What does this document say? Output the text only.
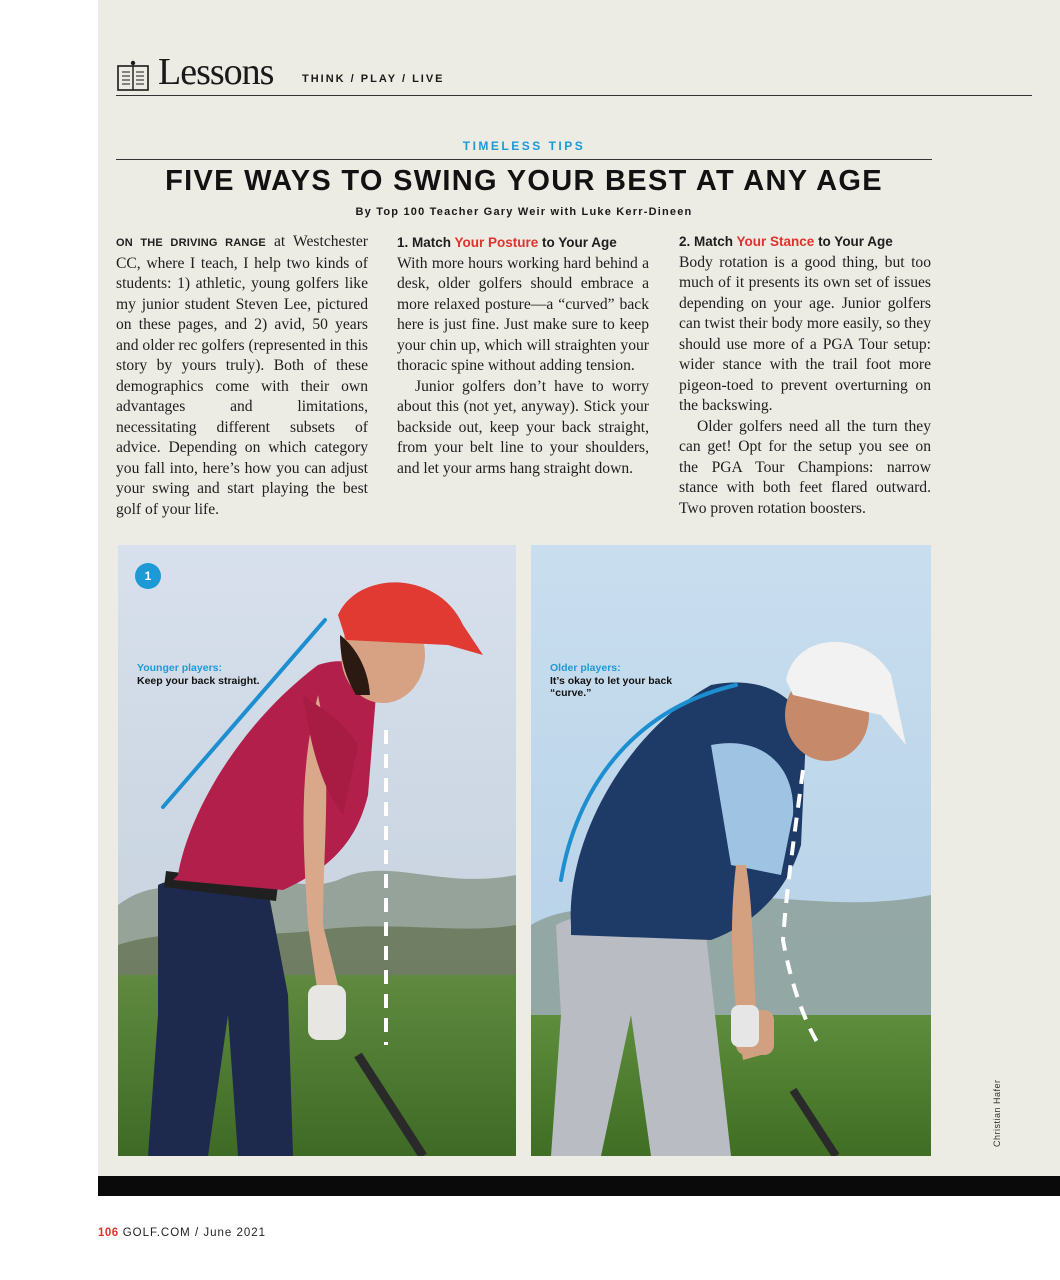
Lessons	THINK / PLAY / LIVE
TIMELESS TIPS
FIVE WAYS TO SWING YOUR BEST AT ANY AGE
By Top 100 Teacher Gary Weir with Luke Kerr-Dineen
ON THE DRIVING RANGE at Westchester CC, where I teach, I help two kinds of students: 1) athletic, young golfers like my junior student Steven Lee, pictured on these pages, and 2) avid, 50 years and older rec golfers (represented in this story by yours truly). Both of these demographics come with their own advantages and limitations, necessitating different subsets of advice. Depending on which category you fall into, here’s how you can adjust your swing and start playing the best golf of your life.
1. Match Your Posture to Your Age
With more hours working hard behind a desk, older golfers should embrace a more relaxed posture—a “curved” back here is just fine. Just make sure to keep your chin up, which will straighten your thoracic spine without adding tension.
Junior golfers don’t have to worry about this (not yet, anyway). Stick your backside out, keep your back straight, from your belt line to your shoulders, and let your arms hang straight down.
2. Match Your Stance to Your Age
Body rotation is a good thing, but too much of it presents its own set of issues depending on your age. Junior golfers can twist their body more easily, so they should use more of a PGA Tour setup: wider stance with the trail foot more pigeon-toed to prevent overturning on the backswing.
Older golfers need all the turn they can get! Opt for the setup you see on the PGA Tour Champions: narrow stance with both feet flared outward. Two proven rotation boosters.
1
Younger players:
Keep your back straight.
Older players:
It’s okay to let your back “curve.”
Christian Hafer
106 GOLF.COM / June 2021
